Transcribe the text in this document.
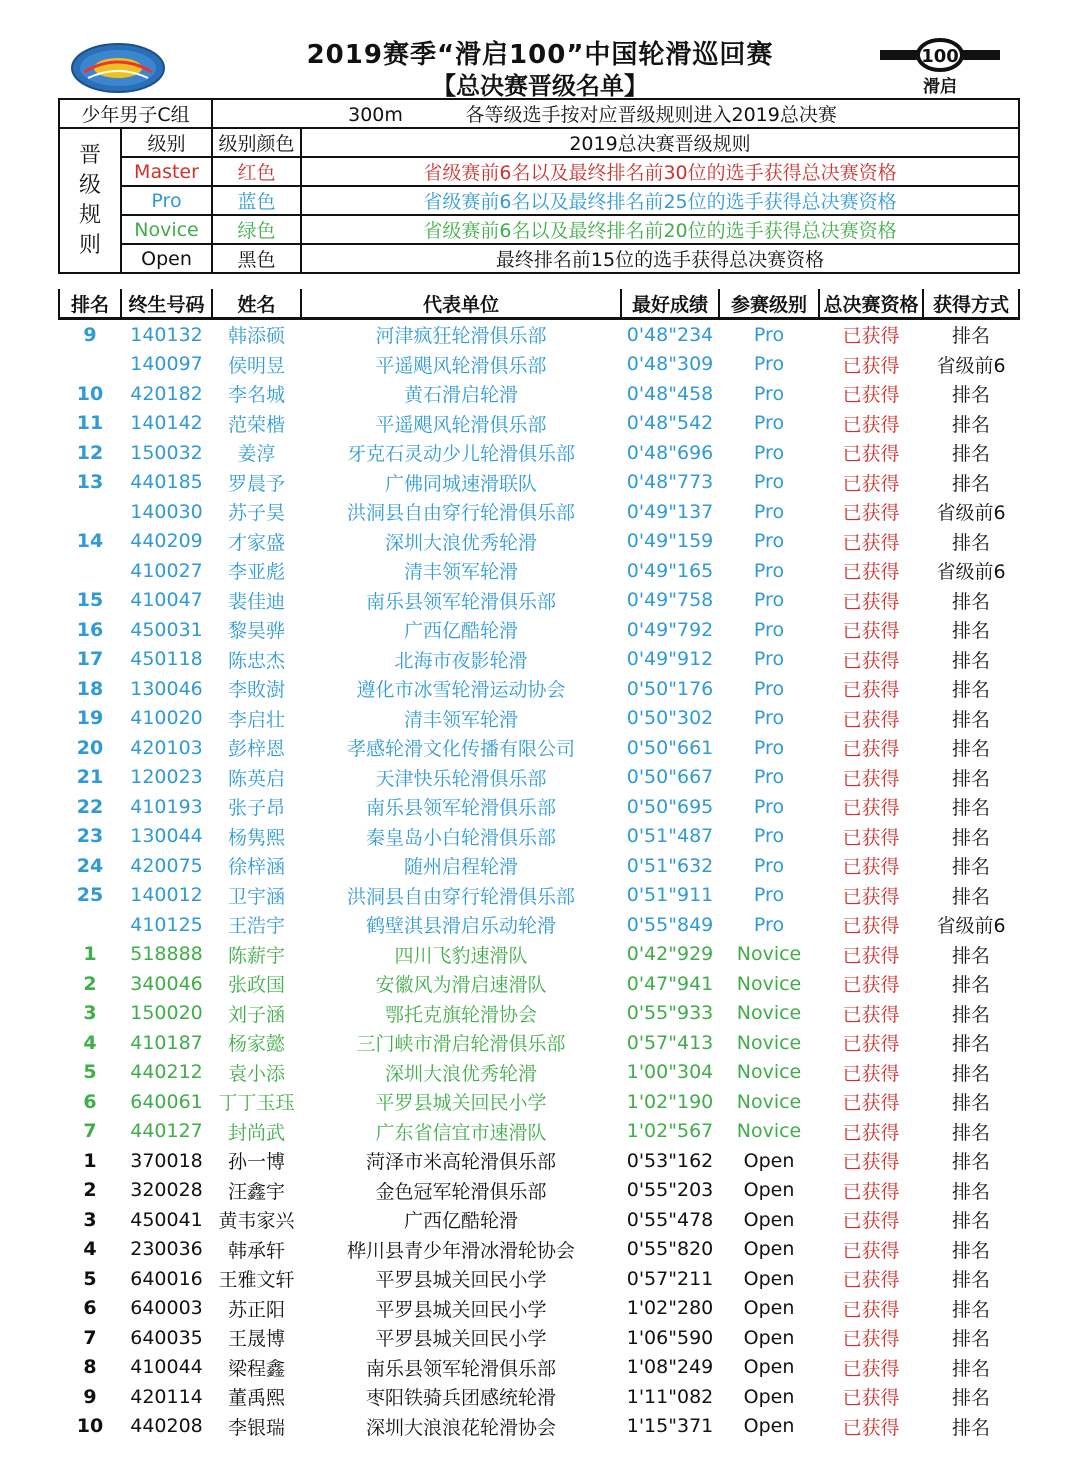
2019赛季“滑启100”中国轮滑巡回赛
【总决赛晋级名单】
100
滑启
少年男子C组		300m 各等级选手按对应晋级规则进入2019总决赛	
晋级规则	级别	级别颜色	2019总决赛晋级规则
	Master	红色	省级赛前6名以及最终排名前30位的选手获得总决赛资格
	Pro	蓝色	省级赛前6名以及最终排名前25位的选手获得总决赛资格
	Novice	绿色	省级赛前6名以及最终排名前20位的选手获得总决赛资格
	Open	黑色	最终排名前15位的选手获得总决赛资格
排名	终生号码	姓名	代表单位	最好成绩	参赛级别	总决赛资格	获得方式
9	140132	韩添硕	河津疯狂轮滑俱乐部	0'48"234	Pro	已获得	排名
	140097	侯明昱	平遥飓风轮滑俱乐部	0'48"309	Pro	已获得	省级前6
10	420182	李名城	黄石滑启轮滑	0'48"458	Pro	已获得	排名
11	140142	范荣楷	平遥飓风轮滑俱乐部	0'48"542	Pro	已获得	排名
12	150032	姜淳	牙克石灵动少儿轮滑俱乐部	0'48"696	Pro	已获得	排名
13	440185	罗晨予	广佛同城速滑联队	0'48"773	Pro	已获得	排名
	140030	苏子昊	洪洞县自由穿行轮滑俱乐部	0'49"137	Pro	已获得	省级前6
14	440209	才家盛	深圳大浪优秀轮滑	0'49"159	Pro	已获得	排名
	410027	李亚彪	清丰领军轮滑	0'49"165	Pro	已获得	省级前6
15	410047	裴佳迪	南乐县领军轮滑俱乐部	0'49"758	Pro	已获得	排名
16	450031	黎昊骅	广西亿酷轮滑	0'49"792	Pro	已获得	排名
17	450118	陈忠杰	北海市夜影轮滑	0'49"912	Pro	已获得	排名
18	130046	李敗澍	遵化市冰雪轮滑运动协会	0'50"176	Pro	已获得	排名
19	410020	李启壮	清丰领军轮滑	0'50"302	Pro	已获得	排名
20	420103	彭梓恩	孝感轮滑文化传播有限公司	0'50"661	Pro	已获得	排名
21	120023	陈英启	天津快乐轮滑俱乐部	0'50"667	Pro	已获得	排名
22	410193	张子昂	南乐县领军轮滑俱乐部	0'50"695	Pro	已获得	排名
23	130044	杨隽熙	秦皇岛小白轮滑俱乐部	0'51"487	Pro	已获得	排名
24	420075	徐梓涵	随州启程轮滑	0'51"632	Pro	已获得	排名
25	140012	卫宇涵	洪洞县自由穿行轮滑俱乐部	0'51"911	Pro	已获得	排名
	410125	王浩宇	鹤壁淇县滑启乐动轮滑	0'55"849	Pro	已获得	省级前6
1	518888	陈薪宇	四川飞豹速滑队	0'42"929	Novice	已获得	排名
2	340046	张政国	安徽风为滑启速滑队	0'47"941	Novice	已获得	排名
3	150020	刘子涵	鄂托克旗轮滑协会	0'55"933	Novice	已获得	排名
4	410187	杨家懿	三门峡市滑启轮滑俱乐部	0'57"413	Novice	已获得	排名
5	440212	袁小添	深圳大浪优秀轮滑	1'00"304	Novice	已获得	排名
6	640061	丁丁玉珏	平罗县城关回民小学	1'02"190	Novice	已获得	排名
7	440127	封尚武	广东省信宜市速滑队	1'02"567	Novice	已获得	排名
1	370018	孙一博	菏泽市米高轮滑俱乐部	0'53"162	Open	已获得	排名
2	320028	汪鑫宇	金色冠军轮滑俱乐部	0'55"203	Open	已获得	排名
3	450041	黄韦家兴	广西亿酷轮滑	0'55"478	Open	已获得	排名
4	230036	韩承轩	桦川县青少年滑冰滑轮协会	0'55"820	Open	已获得	排名
5	640016	王雅文轩	平罗县城关回民小学	0'57"211	Open	已获得	排名
6	640003	苏正阳	平罗县城关回民小学	1'02"280	Open	已获得	排名
7	640035	王晟博	平罗县城关回民小学	1'06"590	Open	已获得	排名
8	410044	梁程鑫	南乐县领军轮滑俱乐部	1'08"249	Open	已获得	排名
9	420114	董禹熙	枣阳铁骑兵团感统轮滑	1'11"082	Open	已获得	排名
10	440208	李银瑞	深圳大浪浪花轮滑协会	1'15"371	Open	已获得	排名
